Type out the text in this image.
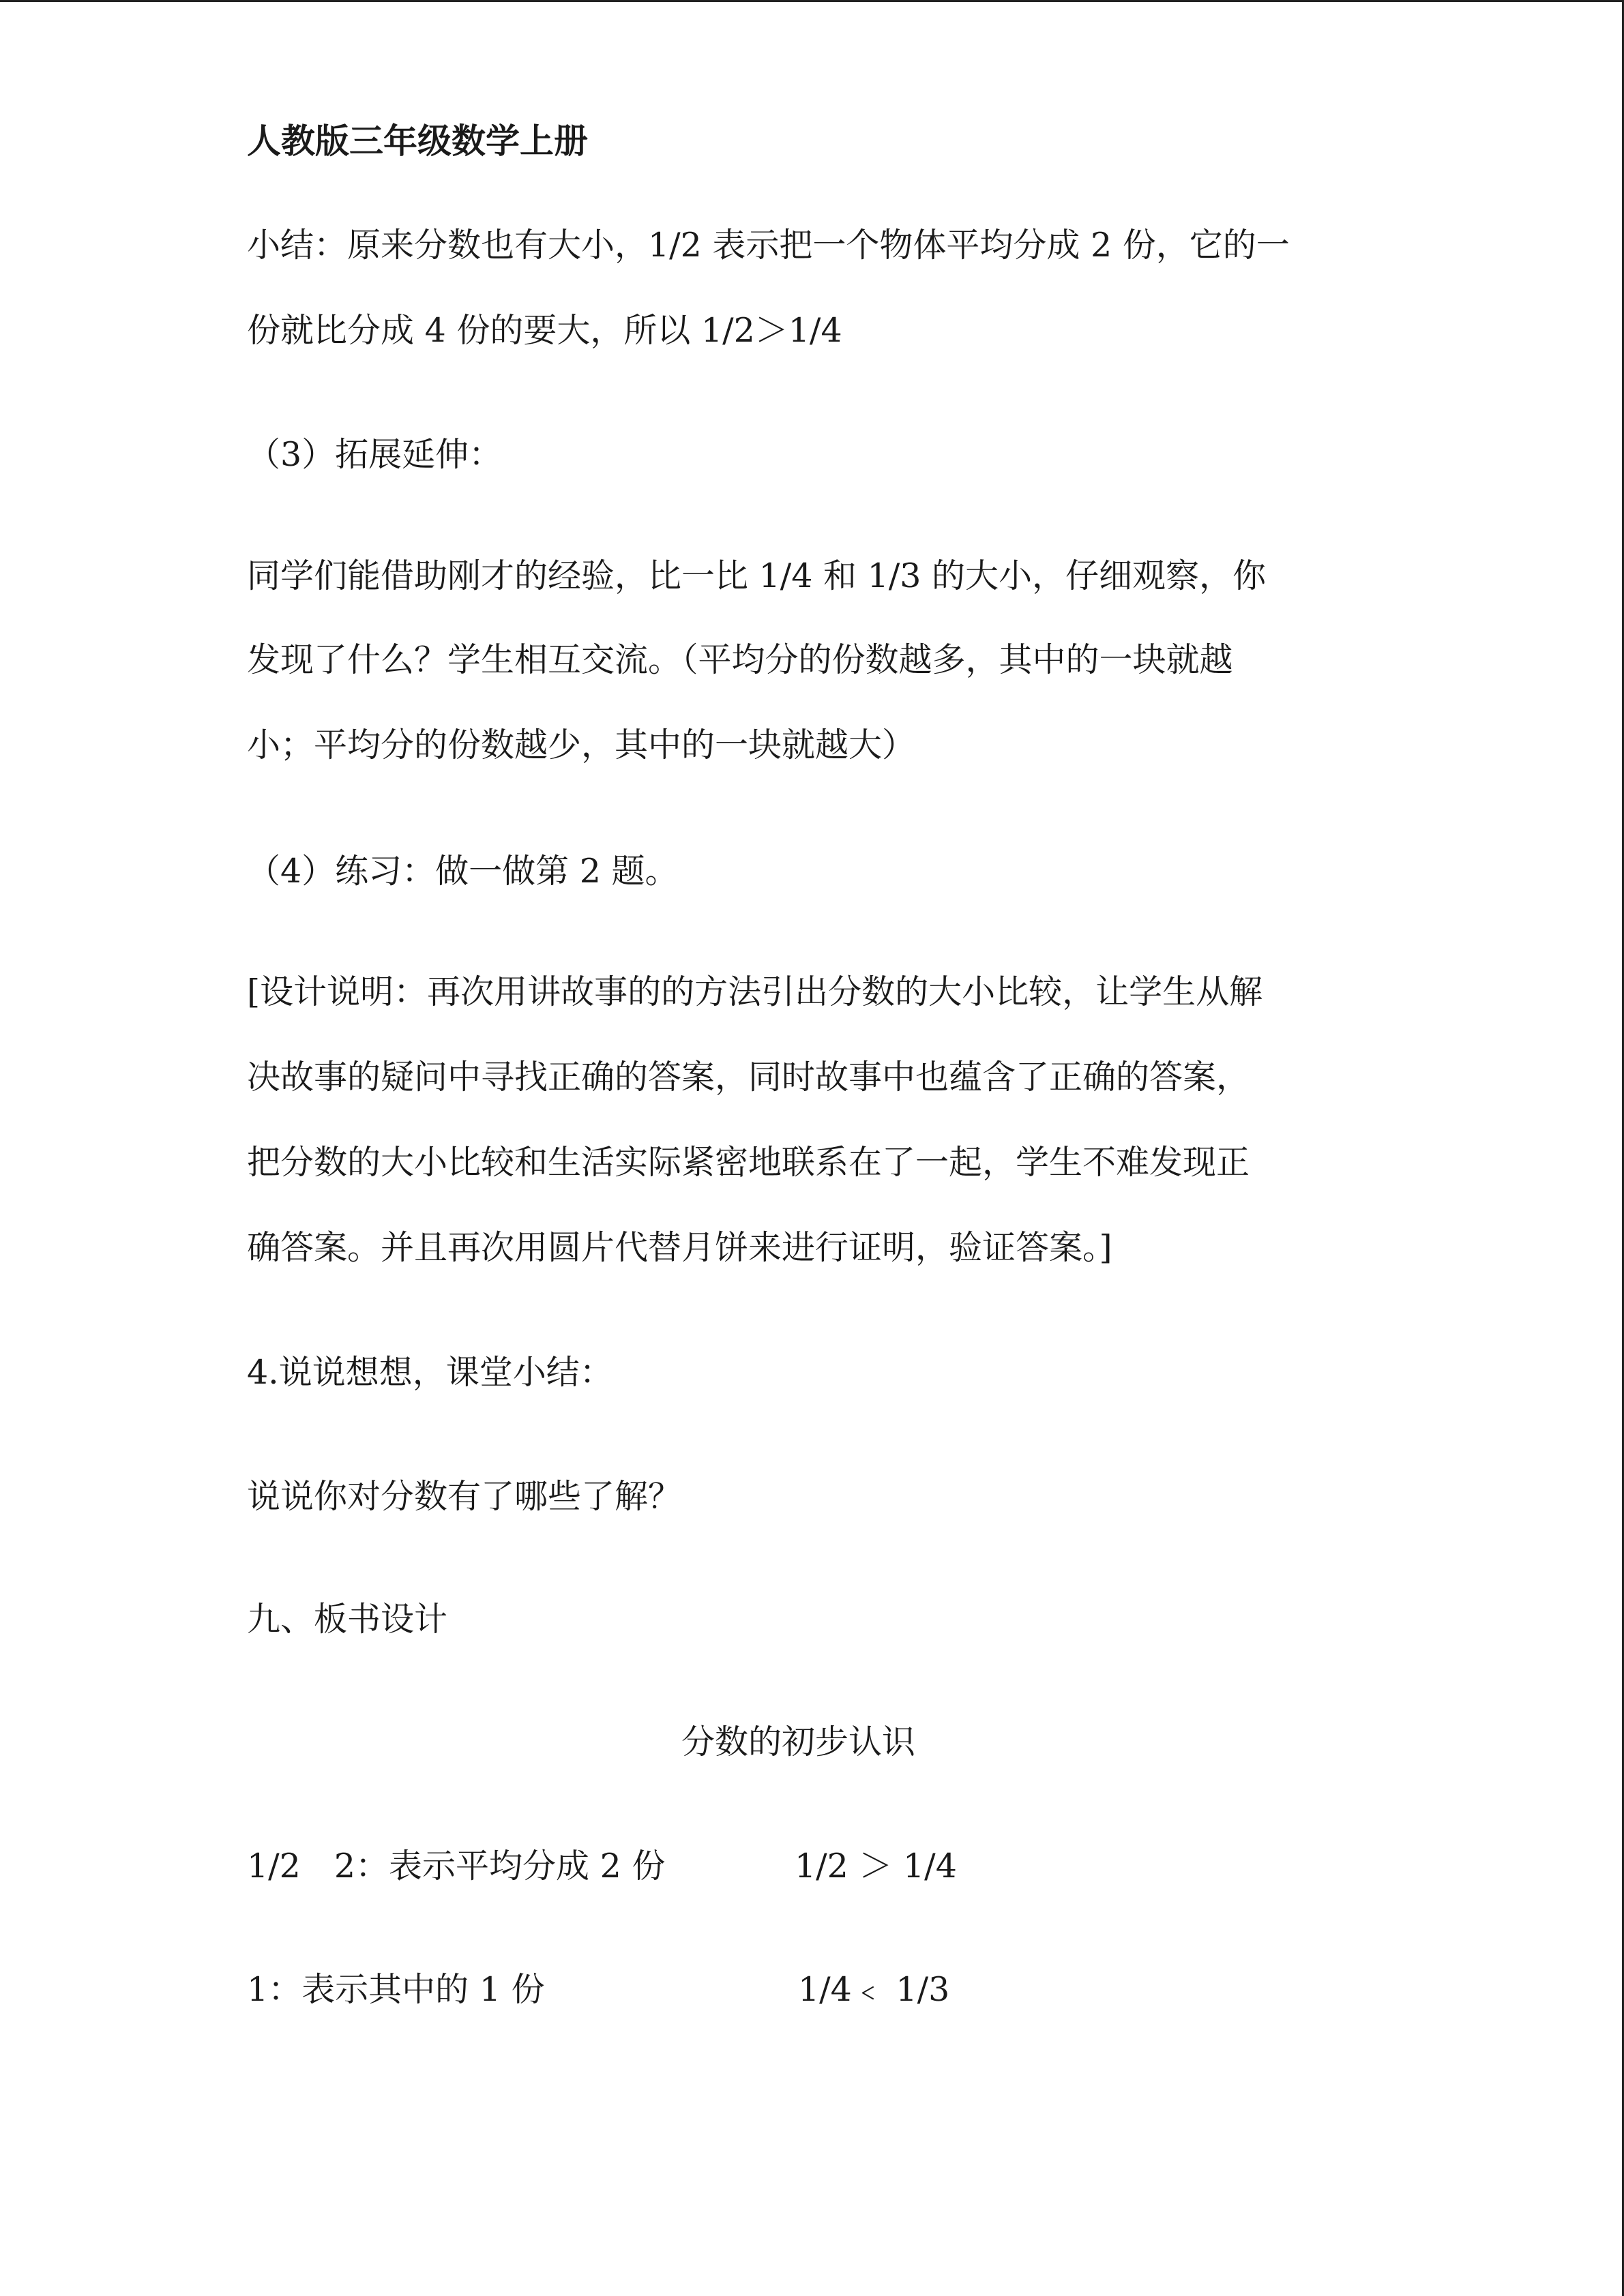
人教版三年级数学上册
小结：原来分数也有大小，1/2 表示把一个物体平均分成 2 份，它的一
份就比分成 4 份的要大，所以 1/2＞1/4
（3）拓展延伸：
同学们能借助刚才的经验，比一比 1/4 和 1/3 的大小，仔细观察，你
发现了什么？学生相互交流。（平均分的份数越多，其中的一块就越
小；平均分的份数越少，其中的一块就越大）
（4）练习：做一做第 2 题。
[设计说明：再次用讲故事的的方法引出分数的大小比较，让学生从解
决故事的疑问中寻找正确的答案，同时故事中也蕴含了正确的答案，
把分数的大小比较和生活实际紧密地联系在了一起，学生不难发现正
确答案。并且再次用圆片代替月饼来进行证明，验证答案。]
4.说说想想，课堂小结：
说说你对分数有了哪些了解？
九、板书设计
分数的初步认识
1/2　2：表示平均分成 2 份	1/2 ＞ 1/4
1：表示其中的 1 份	1/4﹤ 1/3
